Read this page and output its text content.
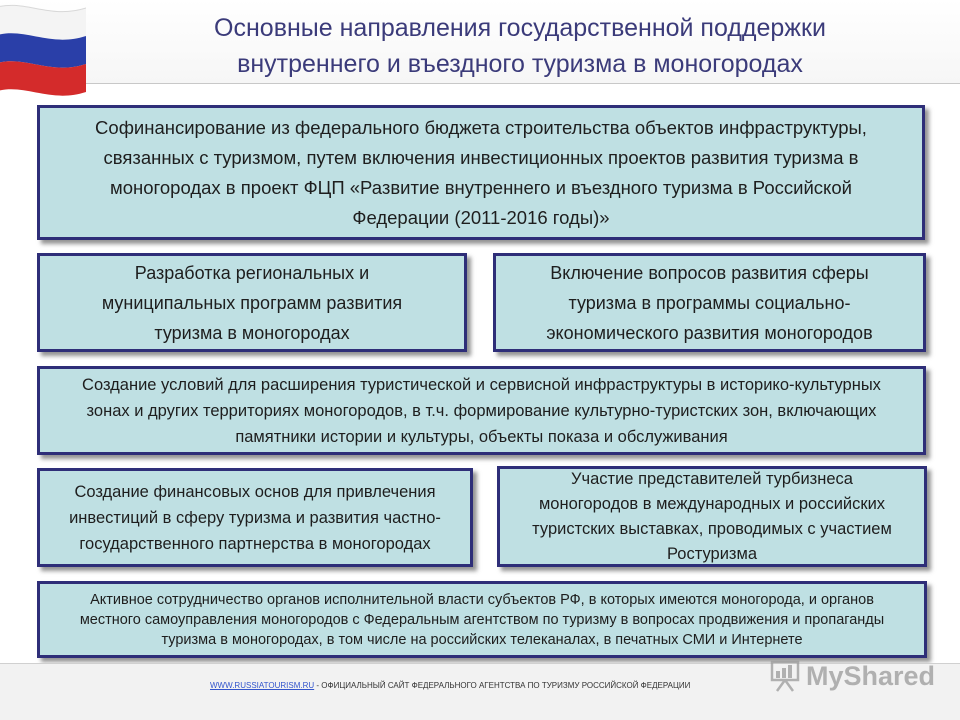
Основные направления государственной поддержки
внутреннего и въездного туризма в моногородах
Софинансирование из федерального бюджета строительства объектов инфраструктуры,
связанных с туризмом, путем включения инвестиционных проектов развития туризма в
моногородах в проект ФЦП «Развитие внутреннего и въездного туризма в Российской
Федерации (2011-2016 годы)»
Разработка региональных и
муниципальных программ развития
туризма в моногородах
Включение вопросов развития сферы
туризма в программы социально-
экономического развития моногородов
Создание условий для расширения туристической и сервисной инфраструктуры в историко-культурных
зонах и других территориях моногородов, в т.ч. формирование культурно-туристских зон, включающих
памятники истории и культуры, объекты показа и обслуживания
Создание финансовых основ для привлечения
инвестиций в сферу туризма и развития частно-
государственного партнерства в моногородах
Участие представителей турбизнеса
моногородов в международных и российских
туристских выставках, проводимых с участием
Ростуризма
Активное сотрудничество органов исполнительной власти субъектов РФ, в которых имеются моногорода, и органов
местного самоуправления моногородов с Федеральным агентством по туризму в вопросах продвижения и пропаганды
туризма в моногородах, в том числе на российских телеканалах, в печатных СМИ и Интернете
WWW.RUSSIATOURISM.RU - ОФИЦИАЛЬНЫЙ САЙТ ФЕДЕРАЛЬНОГО АГЕНТСТВА ПО ТУРИЗМУ РОССИЙСКОЙ ФЕДЕРАЦИИ	MyShared
